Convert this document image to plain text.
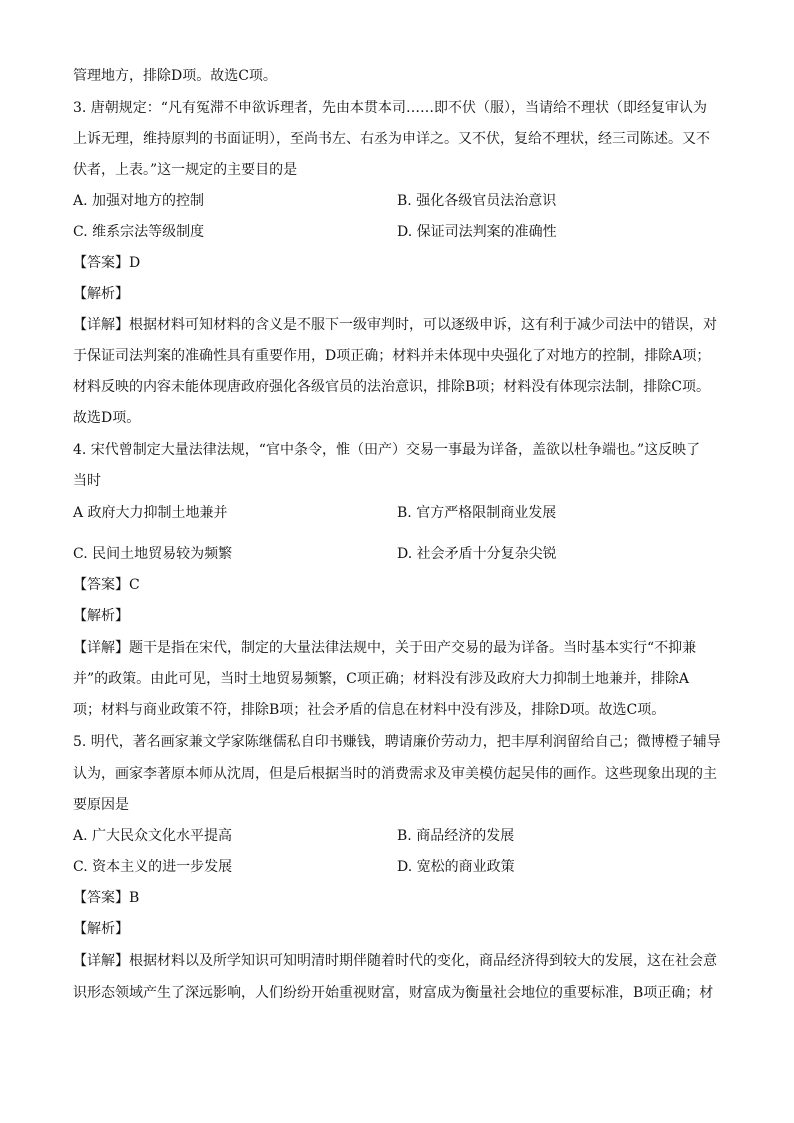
管理地方，排除D项。故选C项。
3. 唐朝规定：“凡有冤滞不申欲诉理者，先由本贯本司……即不伏（服），当请给不理状（即经复审认为
上诉无理，维持原判的书面证明），至尚书左、右丞为申详之。又不伏，复给不理状，经三司陈述。又不
伏者，上表。”这一规定的主要目的是
A. 加强对地方的控制	B. 强化各级官员法治意识
C. 维系宗法等级制度	D. 保证司法判案的准确性
【答案】D
【解析】
【详解】根据材料可知材料的含义是不服下一级审判时，可以逐级申诉，这有利于减少司法中的错误，对
于保证司法判案的准确性具有重要作用，D项正确；材料并未体现中央强化了对地方的控制，排除A项；
材料反映的内容未能体现唐政府强化各级官员的法治意识，排除B项；材料没有体现宗法制，排除C项。
故选D项。
4. 宋代曾制定大量法律法规，“官中条令，惟（田产）交易一事最为详备，盖欲以杜争端也。”这反映了
当时
A 政府大力抑制土地兼并	B. 官方严格限制商业发展
C. 民间土地贸易较为频繁	D. 社会矛盾十分复杂尖锐
【答案】C
【解析】
【详解】题干是指在宋代，制定的大量法律法规中，关于田产交易的最为详备。当时基本实行“不抑兼
并”的政策。由此可见，当时土地贸易频繁，C项正确；材料没有涉及政府大力抑制土地兼并，排除A
项；材料与商业政策不符，排除B项；社会矛盾的信息在材料中没有涉及，排除D项。故选C项。
5. 明代，著名画家兼文学家陈继儒私自印书赚钱，聘请廉价劳动力，把丰厚利润留给自己；微博橙子辅导
认为，画家李著原本师从沈周，但是后根据当时的消费需求及审美模仿起吴伟的画作。这些现象出现的主
要原因是
A. 广大民众文化水平提高	B. 商品经济的发展
C. 资本主义的进一步发展	D. 宽松的商业政策
【答案】B
【解析】
【详解】根据材料以及所学知识可知明清时期伴随着时代的变化，商品经济得到较大的发展，这在社会意
识形态领域产生了深远影响，人们纷纷开始重视财富，财富成为衡量社会地位的重要标准，B项正确；材
